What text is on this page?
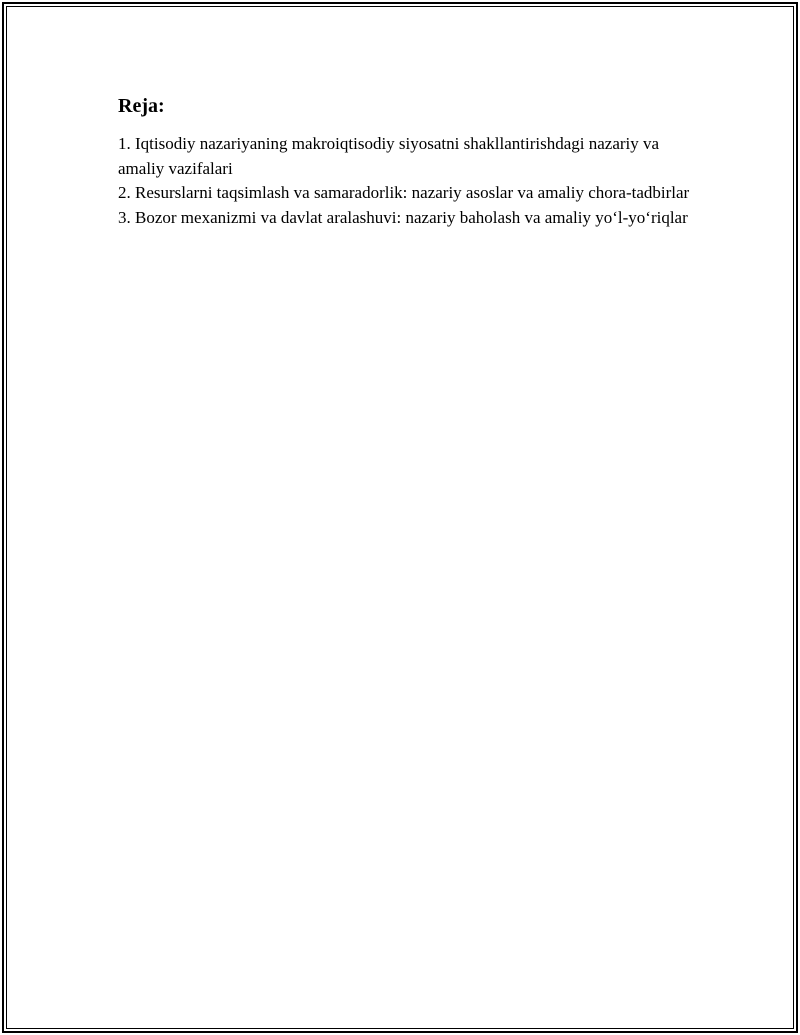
Reja:
1. Iqtisodiy nazariyaning makroiqtisodiy siyosatni shakllantirishdagi nazariy va amaliy vazifalari
2. Resurslarni taqsimlash va samaradorlik: nazariy asoslar va amaliy chora-tadbirlar
3. Bozor mexanizmi va davlat aralashuvi: nazariy baholash va amaliy yo‘l-yo‘riqlar
